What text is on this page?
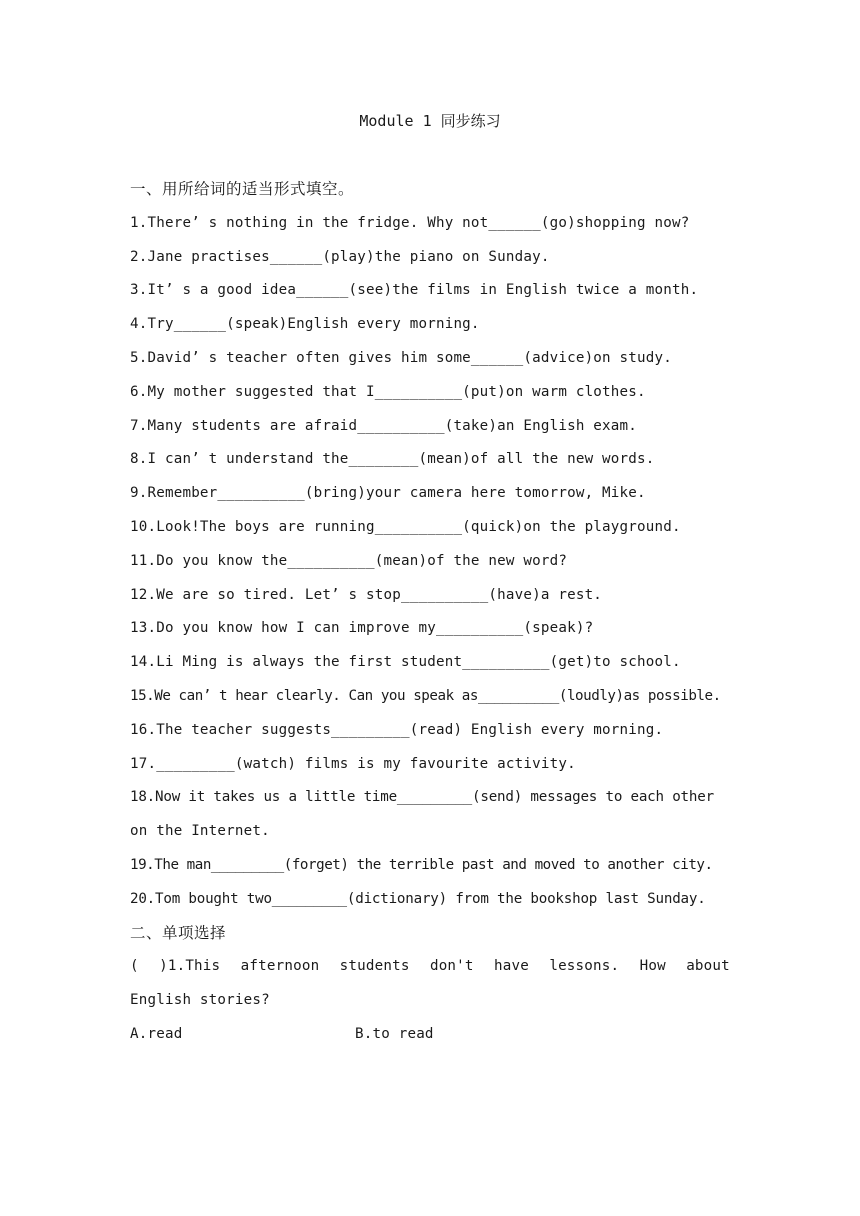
Module 1 同步练习
一、用所给词的适当形式填空。
1.There’ s nothing in the fridge. Why not______(go)shopping now?
2.Jane practises______(play)the piano on Sunday.
3.It’ s a good idea______(see)the films in English twice a month.
4.Try______(speak)English every morning.
5.David’ s teacher often gives him some______(advice)on study.
6.My mother suggested that I__________(put)on warm clothes.
7.Many students are afraid__________(take)an English exam.
8.I can’ t understand the________(mean)of all the new words.
9.Remember__________(bring)your camera here tomorrow, Mike.
10.Look!The boys are running__________(quick)on the playground.
11.Do you know the__________(mean)of the new word?
12.We are so tired. Let’ s stop__________(have)a rest.
13.Do you know how I can improve my__________(speak)?
14.Li Ming is always the first student__________(get)to school.
15.We can’ t hear clearly. Can you speak as__________(loudly)as possible.
16.The teacher suggests_________(read) English every morning.
17._________(watch) films is my favourite activity.
18.Now it takes us a little time_________(send) messages to each other
on the Internet.
19.The man_________(forget) the terrible past and moved to another city.
20.Tom bought two_________(dictionary) from the bookshop last Sunday.
二、单项选择
( )1.This afternoon students don't have lessons. How about
English stories?
A.read	B.to read
